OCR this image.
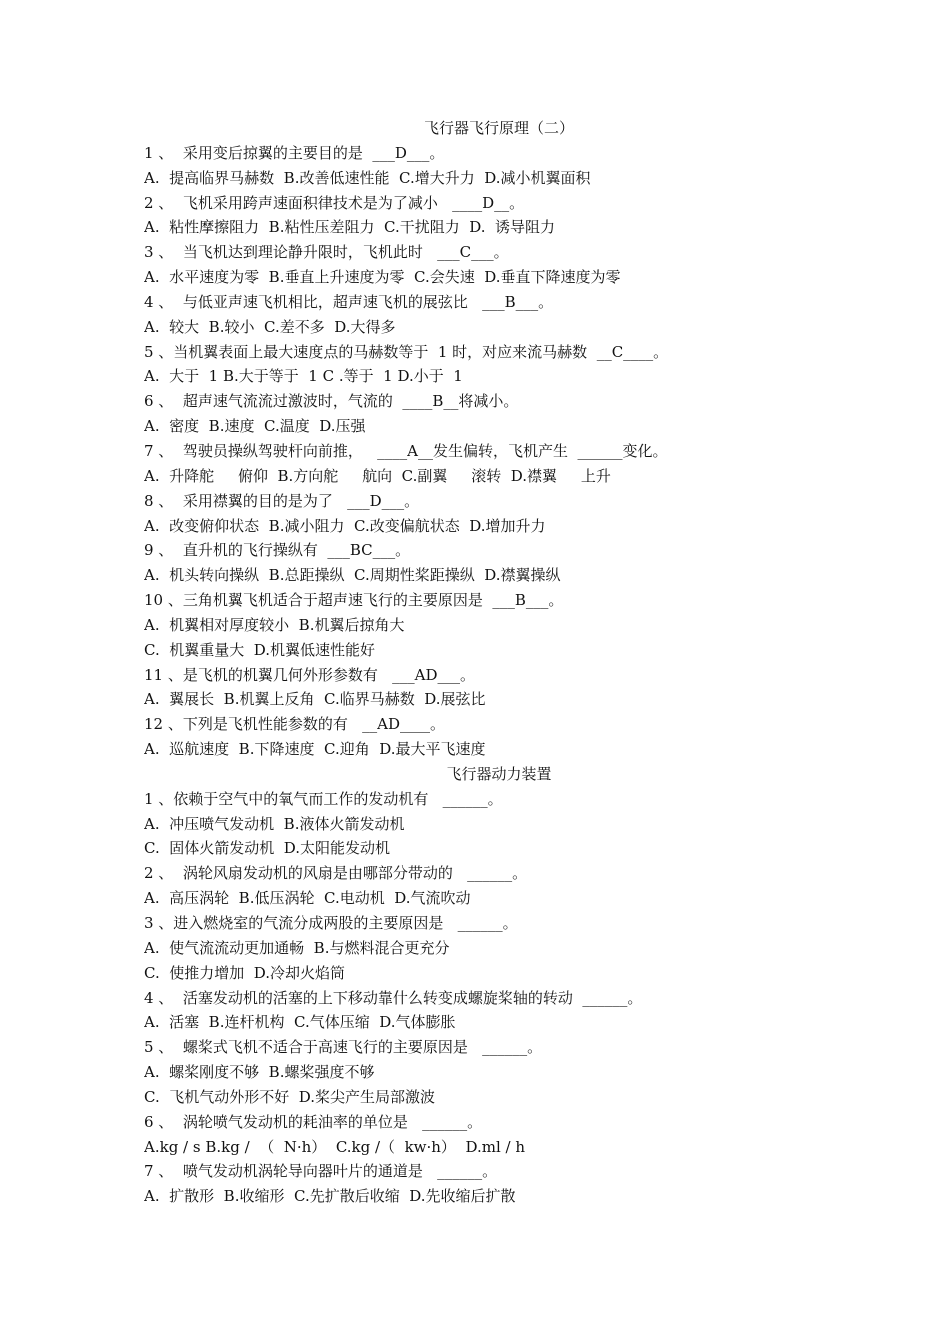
飞行器飞行原理（二）
1 、  采用变后掠翼的主要目的是  ___D___。
A.  提高临界马赫数  B.改善低速性能  C.增大升力  D.减小机翼面积
2 、  飞机采用跨声速面积律技术是为了减小   ____D__。
A.  粘性摩擦阻力  B.粘性压差阻力  C.干扰阻力  D.  诱导阻力
3 、  当飞机达到理论静升限时，飞机此时   ___C___。
A.  水平速度为零  B.垂直上升速度为零  C.会失速  D.垂直下降速度为零
4 、  与低亚声速飞机相比，超声速飞机的展弦比   ___B___。
A.  较大  B.较小  C.差不多  D.大得多
5 、当机翼表面上最大速度点的马赫数等于  1 时，对应来流马赫数  __C____。
A.  大于  1 B.大于等于  1 C .等于  1 D.小于  1
6 、  超声速气流流过激波时，气流的  ____B__将减小。
A.  密度  B.速度  C.温度  D.压强
7 、  驾驶员操纵驾驶杆向前推，   ____A__发生偏转，飞机产生  ______变化。
A.  升降舵     俯仰  B.方向舵     航向  C.副翼     滚转  D.襟翼     上升
8 、  采用襟翼的目的是为了   ___D___。
A.  改变俯仰状态  B.减小阻力  C.改变偏航状态  D.增加升力
9 、  直升机的飞行操纵有  ___BC___。
A.  机头转向操纵  B.总距操纵  C.周期性桨距操纵  D.襟翼操纵
10 、三角机翼飞机适合于超声速飞行的主要原因是  ___B___。
A.  机翼相对厚度较小  B.机翼后掠角大
C.  机翼重量大  D.机翼低速性能好
11 、是飞机的机翼几何外形参数有   ___AD___。
A.  翼展长  B.机翼上反角  C.临界马赫数  D.展弦比
12 、下列是飞机性能参数的有   __AD____。
A.  巡航速度  B.下降速度  C.迎角  D.最大平飞速度
飞行器动力装置
1 、依赖于空气中的氧气而工作的发动机有   ______。
A.  冲压喷气发动机  B.液体火箭发动机
C.  固体火箭发动机  D.太阳能发动机
2 、  涡轮风扇发动机的风扇是由哪部分带动的   ______。
A.  高压涡轮  B.低压涡轮  C.电动机  D.气流吹动
3 、进入燃烧室的气流分成两股的主要原因是   ______。
A.  使气流流动更加通畅  B.与燃料混合更充分
C.  使推力增加  D.冷却火焰筒
4 、  活塞发动机的活塞的上下移动靠什么转变成螺旋桨轴的转动  ______。
A.  活塞  B.连杆机构  C.气体压缩  D.气体膨胀
5 、  螺桨式飞机不适合于高速飞行的主要原因是   ______。
A.  螺桨刚度不够  B.螺桨强度不够
C.  飞机气动外形不好  D.桨尖产生局部激波
6 、  涡轮喷气发动机的耗油率的单位是   ______。
A.kg / s B.kg /  （  N·h）  C.kg /（  kw·h）  D.ml / h
7 、  喷气发动机涡轮导向器叶片的通道是   ______。
A.  扩散形  B.收缩形  C.先扩散后收缩  D.先收缩后扩散
